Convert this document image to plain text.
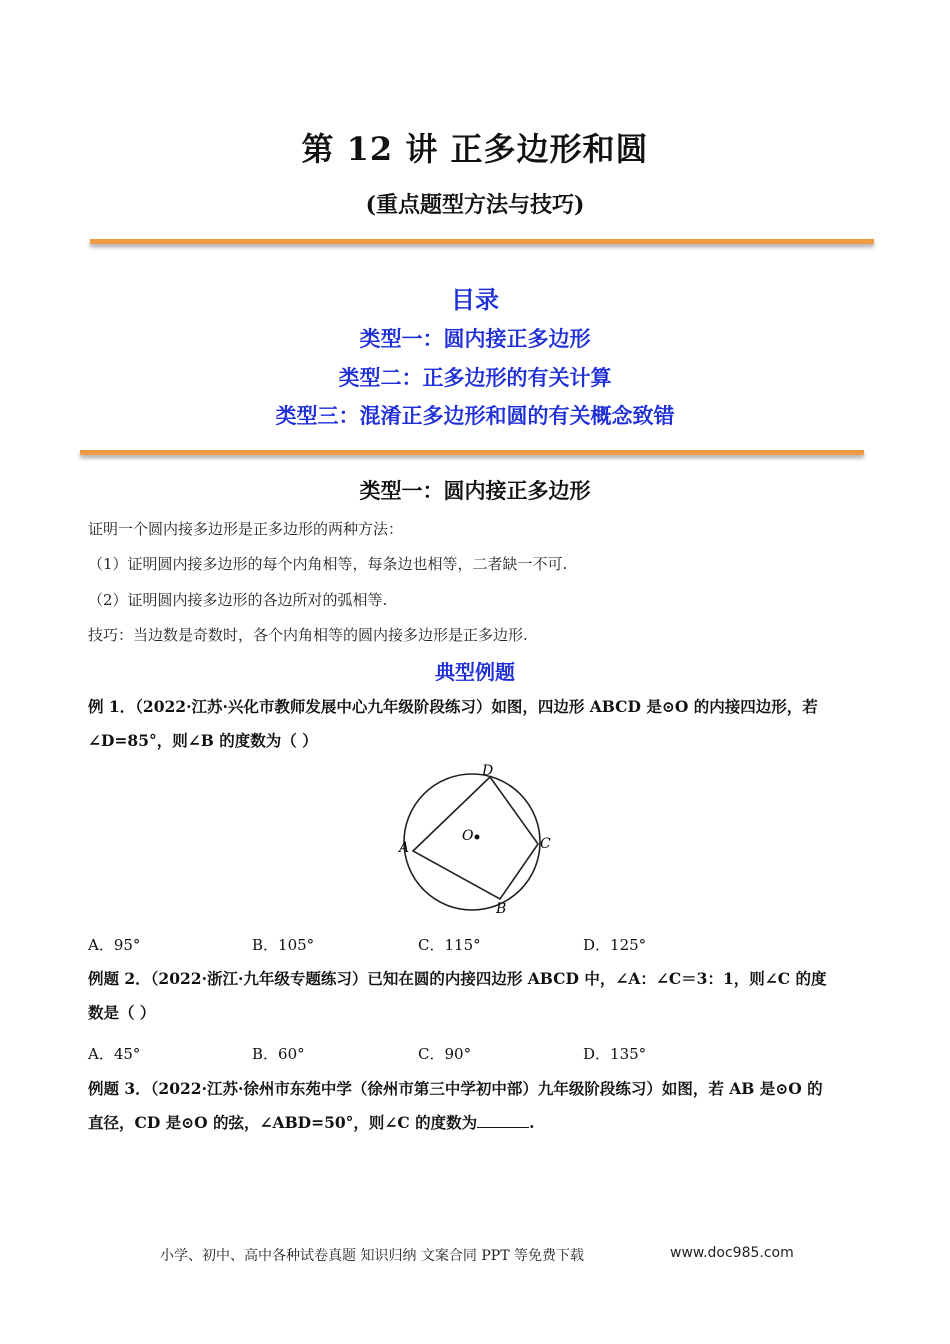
第 12 讲 正多边形和圆
(重点题型方法与技巧)
目录
类型一：圆内接正多边形
类型二：正多边形的有关计算
类型三：混淆正多边形和圆的有关概念致错
类型一：圆内接正多边形
证明一个圆内接多边形是正多边形的两种方法：
（1）证明圆内接多边形的每个内角相等，每条边也相等，二者缺一不可.
（2）证明圆内接多边形的各边所对的弧相等.
技巧：当边数是奇数时，各个内角相等的圆内接多边形是正多边形.
典型例题
例 1．（2022·江苏·兴化市教师发展中心九年级阶段练习）如图，四边形 ABCD 是⊙O 的内接四边形，若
∠D=85°，则∠B 的度数为（ ）
A
B
C
D
O
A．95°	B．105°	C．115°	D．125°
例题 2．（2022·浙江·九年级专题练习）已知在圆的内接四边形 ABCD 中，∠A：∠C＝3：1，则∠C 的度
数是（ ）
A．45°	B．60°	C．90°	D．135°
例题 3．（2022·江苏·徐州市东苑中学（徐州市第三中学初中部）九年级阶段练习）如图，若 AB 是⊙O 的
直径，CD 是⊙O 的弦，∠ABD=50°，则∠C 的度数为	.
小学、初中、高中各种试卷真题 知识归纳 文案合同 PPT 等免费下载	www.doc985.com
